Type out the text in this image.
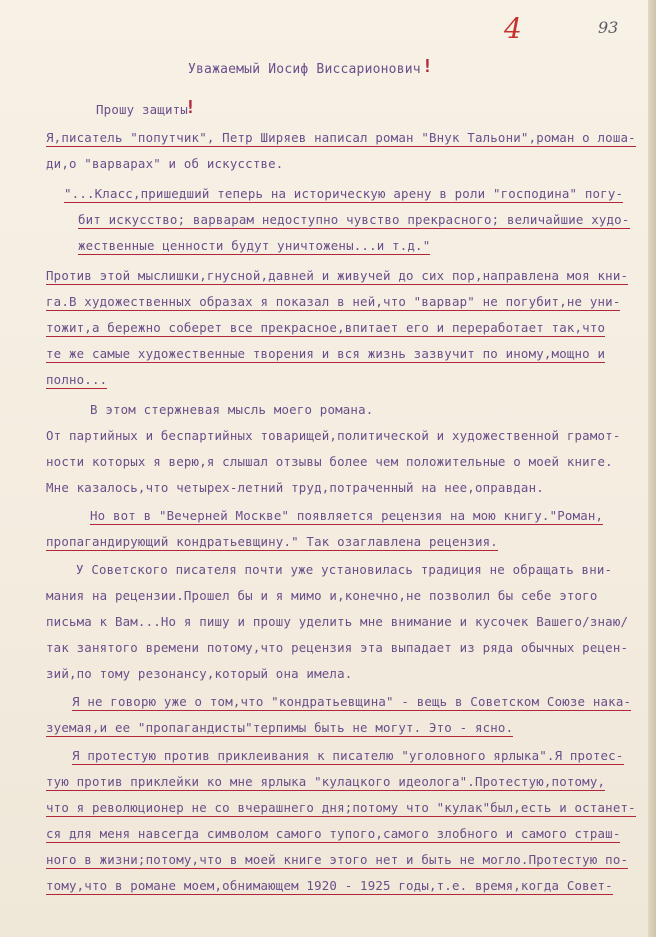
4	93
Уважаемый Иосиф Виссарионович !
Прошу защиты
!
Я,писатель "попутчик", Петр Ширяев написал роман "Внук Тальони",роман о лоша-
ди,о "варварах" и об искусстве.
"...Класс,пришедший теперь на историческую арену в роли "господина" погу-
бит искусство; варварам недоступно чувство прекрасного; величайшие худо-
жественные ценности будут уничтожены...и т.д."
Против этой мыслишки,гнусной,давней и живучей до сих пор,направлена моя кни-
га.В художественных образах я показал в ней,что "варвар" не погубит,не уни-
тожит,а бережно соберет все прекрасное,впитает его и переработает так,что
те же самые художественные творения и вся жизнь зазвучит по иному,мощно и
полно...
В этом стержневая мысль моего романа.
От партийных и беспартийных товарищей,политической и художественной грамот-
ности которых я верю,я слышал отзывы более чем положительные о моей книге.
Мне казалось,что четырех-летний труд,потраченный на нее,оправдан.
Но вот в "Вечерней Москве" появляется рецензия на мою книгу."Роман,
пропагандирующий кондратьевщину." Так озаглавлена рецензия.
У Советского писателя почти уже установилась традиция не обращать вни-
мания на рецензии.Прошел бы и я мимо и,конечно,не позволил бы себе этого
письма к Вам...Но я пишу и прошу уделить мне внимание и кусочек Вашего/знаю/
так занятого времени потому,что рецензия эта выпадает из ряда обычных рецен-
зий,по тому резонансу,который она имела.
Я не говорю уже о том,что "кондратьевщина" - вещь в Советском Союзе нака-
зуемая,и ее "пропагандисты"терпимы быть не могут. Это - ясно.
Я протестую против приклеивания к писателю "уголовного ярлыка".Я протес-
тую против приклейки ко мне ярлыка "кулацкого идеолога".Протестую,потому,
что я революционер не со вчерашнего дня;потому что "кулак"был,есть и останет-
ся для меня навсегда символом самого тупого,самого злобного и самого страш-
ного в жизни;потому,что в моей книге этого нет и быть не могло.Протестую по-
тому,что в романе моем,обнимающем 1920 - 1925 годы,т.е. время,когда Совет-
